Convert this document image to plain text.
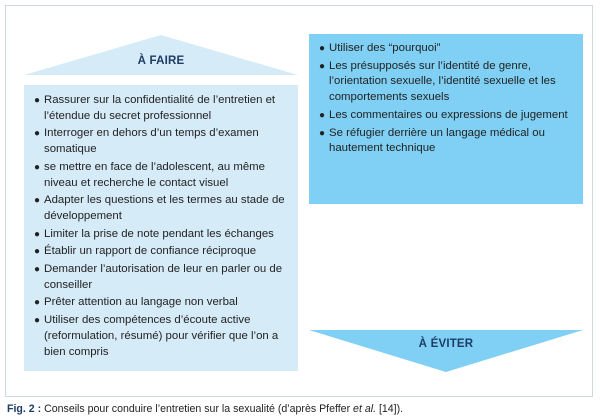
À FAIRE
● Rassurer sur la confidentialité de l’entretien et l’étendue du secret professionnel
● Interroger en dehors d’un temps d’examen somatique
● se mettre en face de l’adolescent, au même niveau et recherche le contact visuel
● Adapter les questions et les termes au stade de développement
● Limiter la prise de note pendant les échanges
● Établir un rapport de confiance réciproque
● Demander l’autorisation de leur en parler ou de conseiller
● Prêter attention au langage non verbal
● Utiliser des compétences d’écoute active (reformulation, résumé) pour vérifier que l’on a bien compris
● Utiliser des “pourquoi”
● Les présupposés sur l’identité de genre, l’orientation sexuelle, l’identité sexuelle et les comportements sexuels
● Les commentaires ou expressions de jugement
● Se réfugier derrière un langage médical ou hautement technique
À ÉVITER
Fig. 2 : Conseils pour conduire l’entretien sur la sexualité (d’après Pfeffer et al. [14]).
